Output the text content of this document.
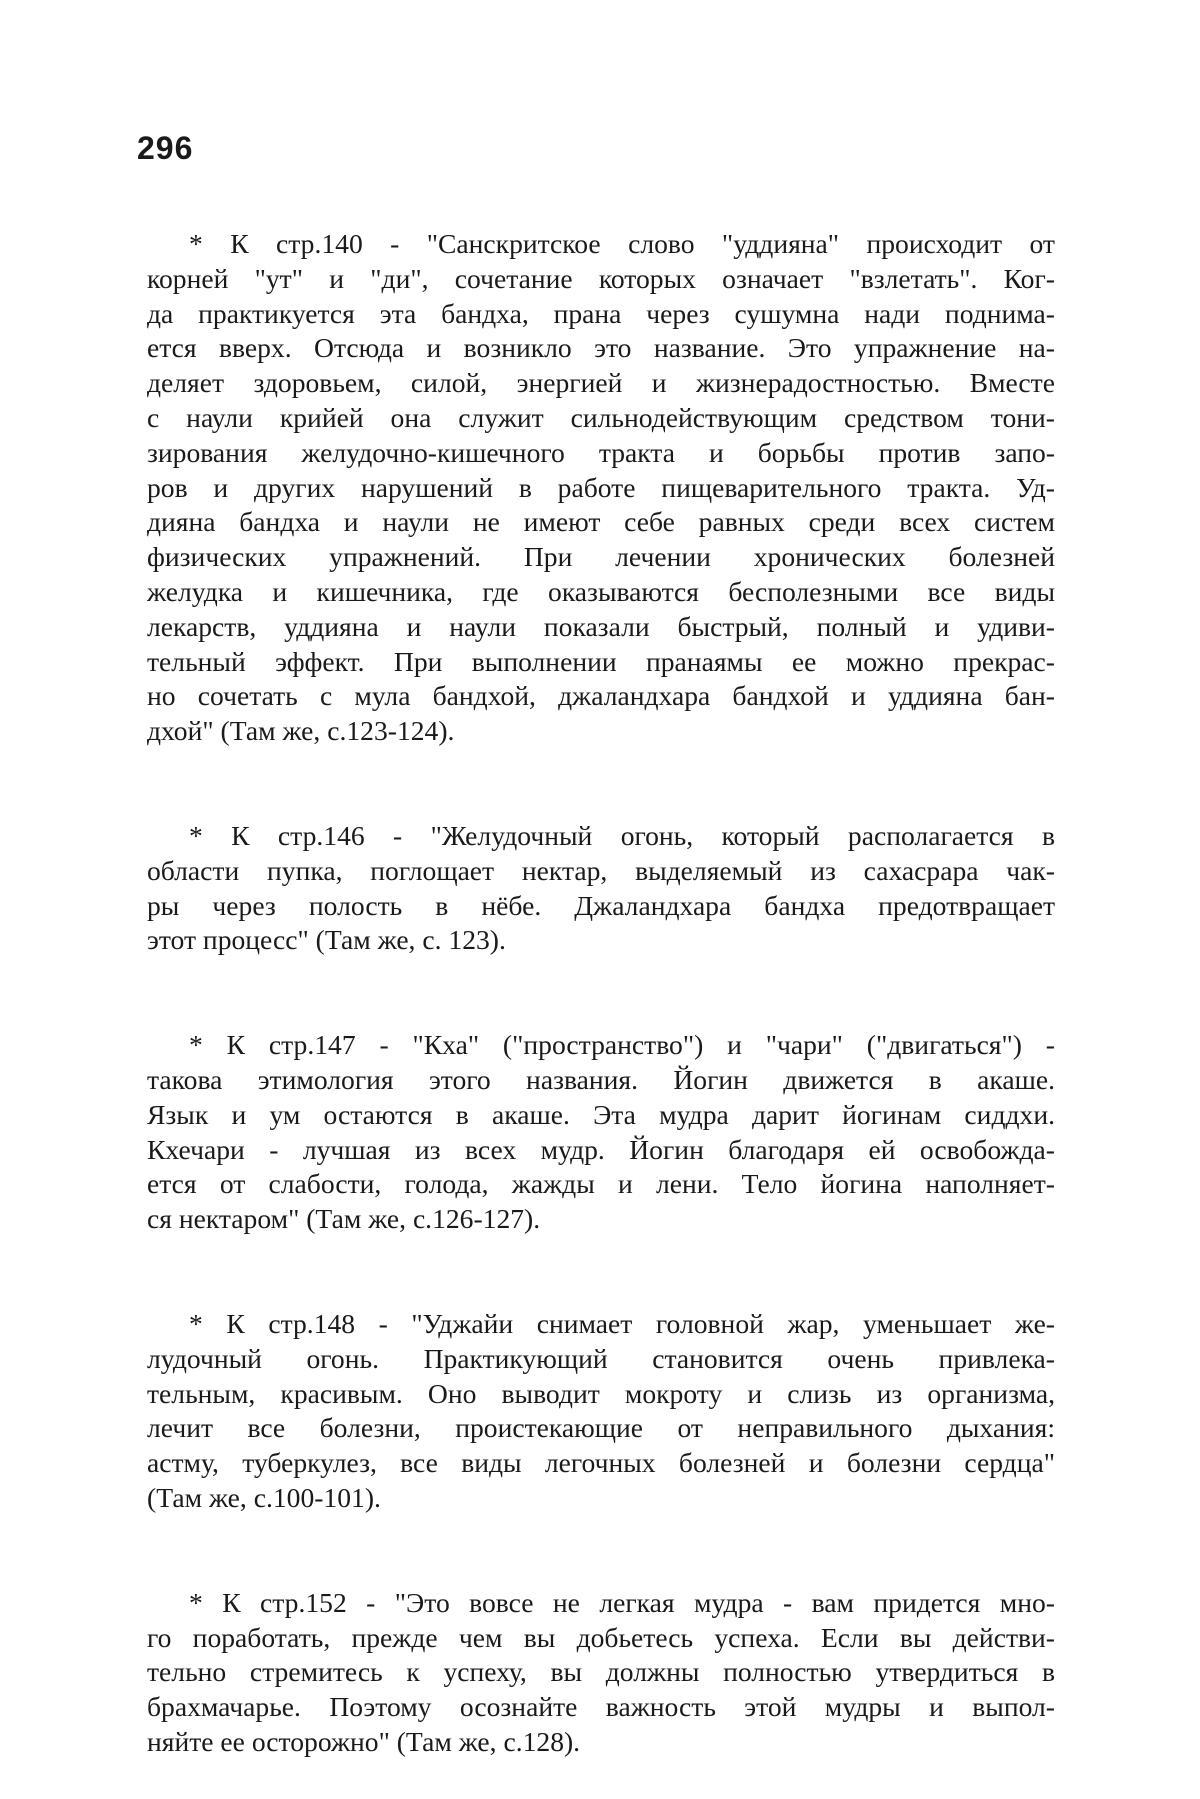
296
* К стр.140 - "Санскритское слово "уддияна" происходит от
корней "ут" и "ди", сочетание которых означает "взлетать". Ког-
да практикуется эта бандха, прана через сушумна нади поднима-
ется вверх. Отсюда и возникло это название. Это упражнение на-
деляет здоровьем, силой, энергией и жизнерадостностью. Вместе
с наули крийей она служит сильнодействующим средством тони-
зирования желудочно-кишечного тракта и борьбы против запо-
ров и других нарушений в работе пищеварительного тракта. Уд-
дияна бандха и наули не имеют себе равных среди всех систем
физических упражнений. При лечении хронических болезней
желудка и кишечника, где оказываются бесполезными все виды
лекарств, уддияна и наули показали быстрый, полный и удиви-
тельный эффект. При выполнении пранаямы ее можно прекрас-
но сочетать с мула бандхой, джаландхара бандхой и уддияна бан-
дхой" (Там же, с.123-124).
* К стр.146 - "Желудочный огонь, который располагается в
области пупка, поглощает нектар, выделяемый из сахасрара чак-
ры через полость в нёбе. Джаландхара бандха предотвращает
этот процесс" (Там же, с. 123).
* К стр.147 - "Кха" ("пространство") и "чари" ("двигаться") -
такова этимология этого названия. Йогин движется в акаше.
Язык и ум остаются в акаше. Эта мудра дарит йогинам сиддхи.
Кхечари - лучшая из всех мудр. Йогин благодаря ей освобожда-
ется от слабости, голода, жажды и лени. Тело йогина наполняет-
ся нектаром" (Там же, с.126-127).
* К стр.148 - "Уджайи снимает головной жар, уменьшает же-
лудочный огонь. Практикующий становится очень привлека-
тельным, красивым. Оно выводит мокроту и слизь из организма,
лечит все болезни, проистекающие от неправильного дыхания:
астму, туберкулез, все виды легочных болезней и болезни сердца"
(Там же, с.100-101).
* К стр.152 - "Это вовсе не легкая мудра - вам придется мно-
го поработать, прежде чем вы добьетесь успеха. Если вы действи-
тельно стремитесь к успеху, вы должны полностью утвердиться в
брахмачарье. Поэтому осознайте важность этой мудры и выпол-
няйте ее осторожно" (Там же, с.128).
